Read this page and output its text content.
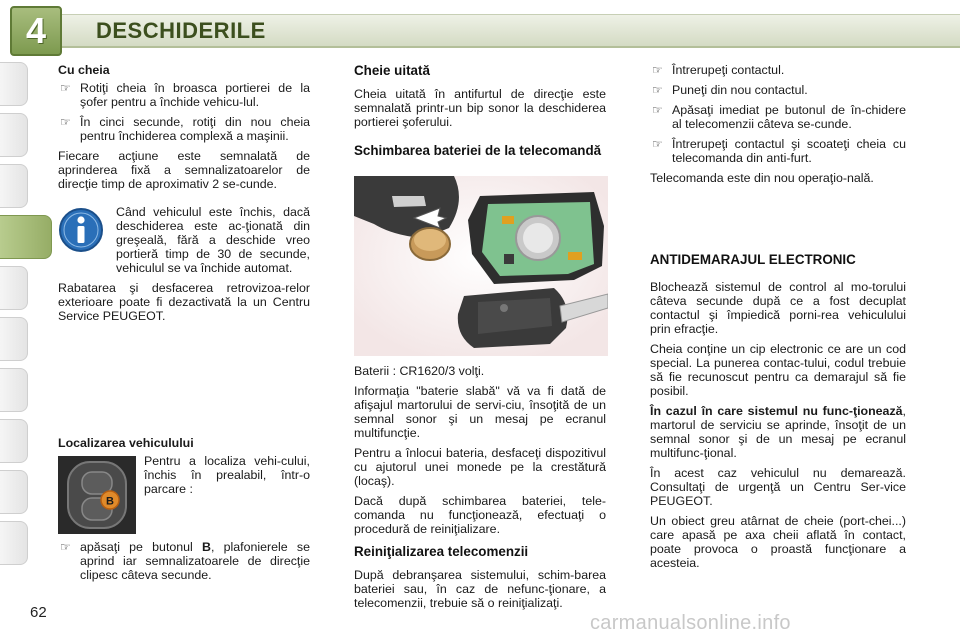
4 DESCHIDERILE
Cu cheia
☞ Rotiţi cheia în broasca portierei de la şofer pentru a închide vehicu-lul.
☞ În cinci secunde, rotiţi din nou cheia pentru închiderea complexă a maşinii.

Fiecare acţiune este semnalată de aprinderea fixă a semnalizatoarelor de direcţie timp de aproximativ 2 se-cunde.

Când vehiculul este închis, dacă deschiderea este ac-ţionată din greşeală, fără a deschide vreo portieră timp de 30 de secunde, vehiculul se va închide automat.

Rabatarea şi desfacerea retrovizoa-relor exterioare poate fi dezactivată la un Centru Service PEUGEOT.

Localizarea vehiculului

Pentru a localiza vehi-cului, închis în prealabil, într-o parcare :

☞ apăsaţi pe butonul B, plafonierele se aprind iar semnalizatoarele de direcţie clipesc câteva secunde.
B
Cheie uitată

Cheia uitată în antifurtul de direcţie este semnalată printr-un bip sonor la deschiderea portierei şoferului.

Schimbarea bateriei de la telecomandă

Baterii : CR1620/3 volţi.

Informaţia "baterie slabă" vă va fi dată de afişajul martorului de servi-ciu, însoţită de un semnal sonor şi un mesaj pe ecranul multifuncţie.

Pentru a înlocui bateria, desfaceţi dispozitivul cu ajutorul unei monede pe la crestătură (locaş).

Dacă după schimbarea bateriei, tele-comanda nu funcţionează, efectuaţi o procedură de reiniţializare.

Reiniţializarea telecomenzii

După debranşarea sistemului, schim-barea bateriei sau, în caz de nefunc-ţionare, a telecomenzii, trebuie să o reiniţializaţi.

☞ Întrerupeţi contactul.
☞ Puneţi din nou contactul.
☞ Apăsaţi imediat pe butonul de în-chidere al telecomenzii câteva se-cunde.
☞ Întrerupeţi contactul şi scoateţi cheia cu telecomanda din anti-furt.

Telecomanda este din nou operaţio-nală.

ANTIDEMARAJUL ELECTRONIC

Blochează sistemul de control al mo-torului câteva secunde după ce a fost decuplat contactul şi împiedică porni-rea vehiculului prin efracţie.

Cheia conţine un cip electronic ce are un cod special. La punerea contac-tului, codul trebuie să fie recunoscut pentru ca demarajul să fie posibil.

În cazul în care sistemul nu func-ţionează, martorul de serviciu se aprinde, însoţit de un semnal sonor şi de un mesaj pe ecranul multifunc-ţional.

În acest caz vehiculul nu demarează. Consultaţi de urgenţă un Centru Ser-vice PEUGEOT.

Un obiect greu atârnat de cheie (port-chei...) care apasă pe axa cheii aflată în contact, poate provoca o proastă funcţionare a acesteia.

62	carmanualsonline.info
